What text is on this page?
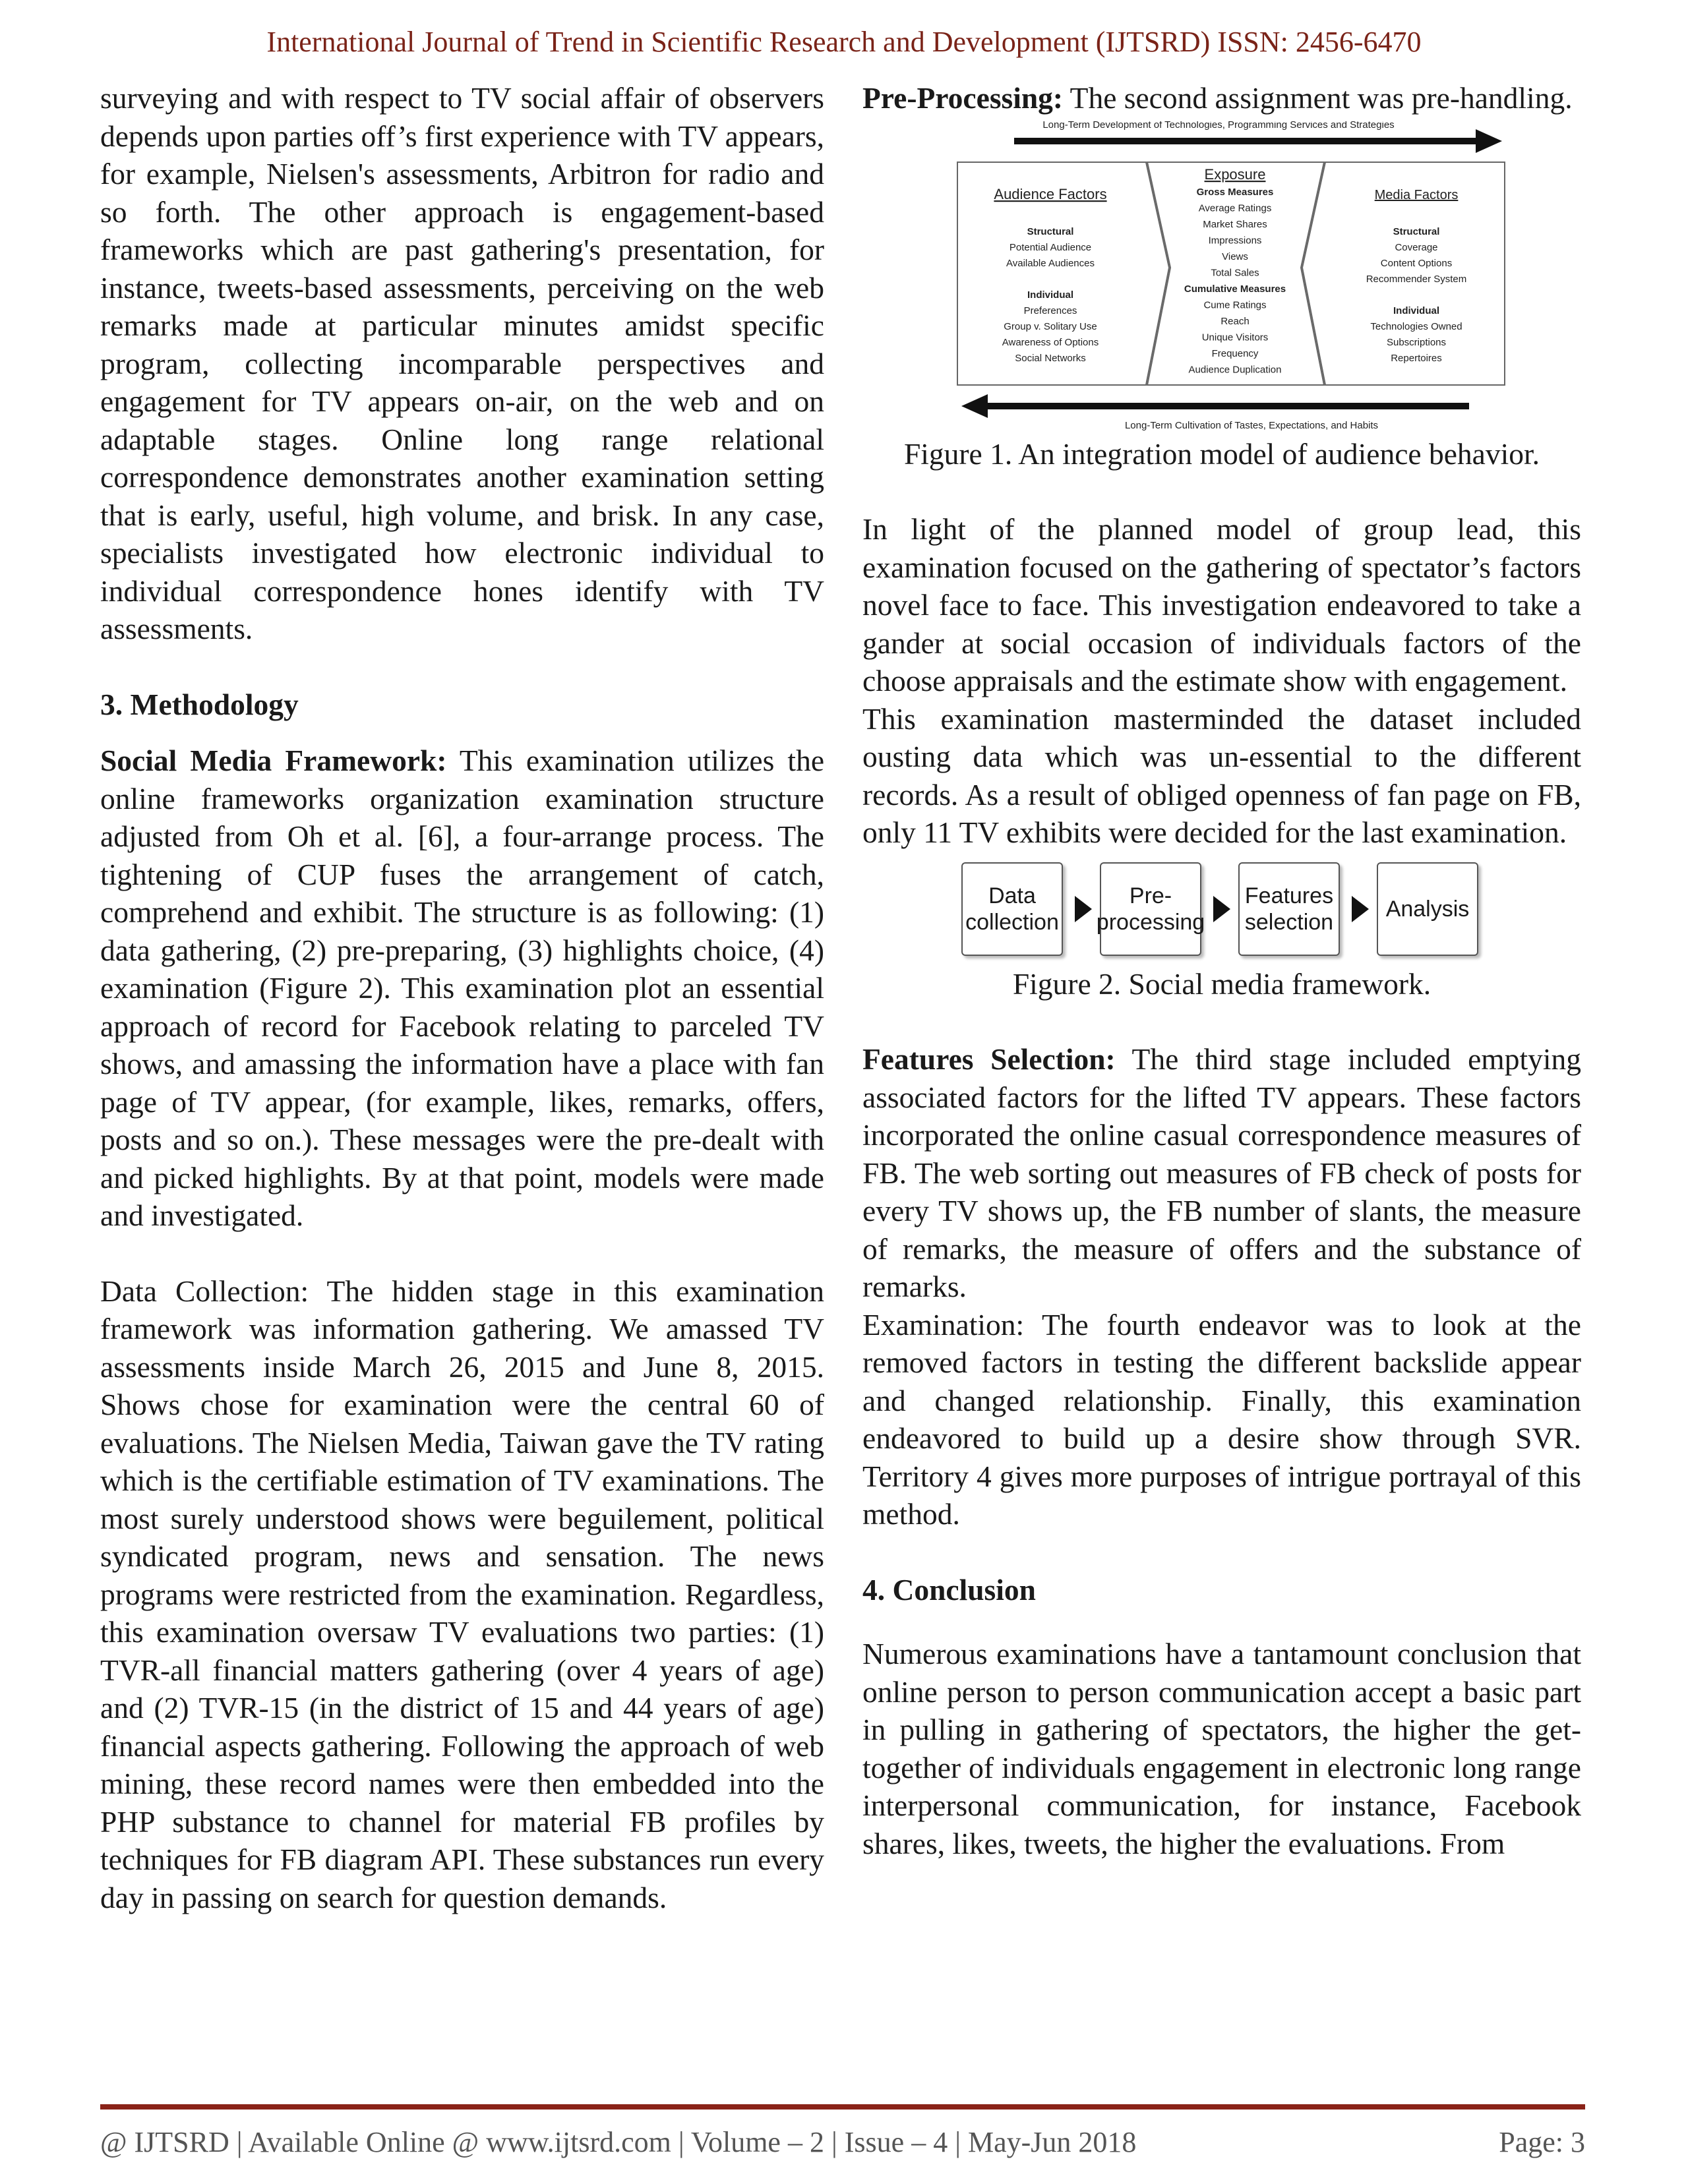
International Journal of Trend in Scientific Research and Development (IJTSRD) ISSN: 2456-6470

surveying and with respect to TV social affair of observers depends upon parties off’s first experience with TV appears, for example, Nielsen's assessments, Arbitron for radio and so forth. The other approach is engagement-based frameworks which are past gathering's presentation, for instance, tweets-based assessments, perceiving on the web remarks made at particular minutes amidst specific program, collecting incomparable perspectives and engagement for TV appears on-air, on the web and on adaptable stages. Online long range relational correspondence demonstrates another examination setting that is early, useful, high volume, and brisk. In any case, specialists investigated how electronic individual to individual correspondence hones identify with TV assessments.

3. Methodology

Social Media Framework: This examination utilizes the online frameworks organization examination structure adjusted from Oh et al. [6], a four-arrange process. The tightening of CUP fuses the arrangement of catch, comprehend and exhibit. The structure is as following: (1) data gathering, (2) pre-preparing, (3) highlights choice, (4) examination (Figure 2). This examination plot an essential approach of record for Facebook relating to parceled TV shows, and amassing the information have a place with fan page of TV appear, (for example, likes, remarks, offers, posts and so on.). These messages were the pre-dealt with and picked highlights. By at that point, models were made and investigated.

Data Collection: The hidden stage in this examination framework was information gathering. We amassed TV assessments inside March 26, 2015 and June 8, 2015. Shows chose for examination were the central 60 of evaluations. The Nielsen Media, Taiwan gave the TV rating which is the certifiable estimation of TV examinations. The most surely understood shows were beguilement, political syndicated program, news and sensation. The news programs were restricted from the examination. Regardless, this examination oversaw TV evaluations two parties: (1) TVR-all financial matters gathering (over 4 years of age) and (2) TVR-15 (in the district of 15 and 44 years of age) financial aspects gathering. Following the approach of web mining, these record names were then embedded into the PHP substance to channel for material FB profiles by techniques for FB diagram API. These substances run every day in passing on search for question demands.

Pre-Processing: The second assignment was pre-handling.

Long-Term Development of Technologies, Programming Services and Strategies
Audience Factors
Structural
Potential Audience
Available Audiences
Individual
Preferences
Group v. Solitary Use
Awareness of Options
Social Networks
Exposure
Gross Measures
Average Ratings
Market Shares
Impressions
Views
Total Sales
Cumulative Measures
Cume Ratings
Reach
Unique Visitors
Frequency
Audience Duplication
Media Factors
Structural
Coverage
Content Options
Recommender System
Individual
Technologies Owned
Subscriptions
Repertoires
Long-Term Cultivation of Tastes, Expectations, and Habits

Figure 1. An integration model of audience behavior.

In light of the planned model of group lead, this examination focused on the gathering of spectator’s factors novel face to face. This investigation endeavored to take a gander at social occasion of individuals factors of the choose appraisals and the estimate show with engagement.

This examination masterminded the dataset included ousting data which was un-essential to the different records. As a result of obliged openness of fan page on FB, only 11 TV exhibits were decided for the last examination.

Data
collection
Pre-
processing
Features
selection
Analysis

Figure 2. Social media framework.

Features Selection: The third stage included emptying associated factors for the lifted TV appears. These factors incorporated the online casual correspondence measures of FB. The web sorting out measures of FB check of posts for every TV shows up, the FB number of slants, the measure of remarks, the measure of offers and the substance of remarks.

Examination: The fourth endeavor was to look at the removed factors in testing the different backslide appear and changed relationship. Finally, this examination endeavored to build up a desire show through SVR. Territory 4 gives more purposes of intrigue portrayal of this method.

4. Conclusion

Numerous examinations have a tantamount conclusion that online person to person communication accept a basic part in pulling in gathering of spectators, the higher the get-together of individuals engagement in electronic long range interpersonal communication, for instance, Facebook shares, likes, tweets, the higher the evaluations. From

@ IJTSRD | Available Online @ www.ijtsrd.com | Volume – 2 | Issue – 4 | May-Jun 2018	Page: 3
